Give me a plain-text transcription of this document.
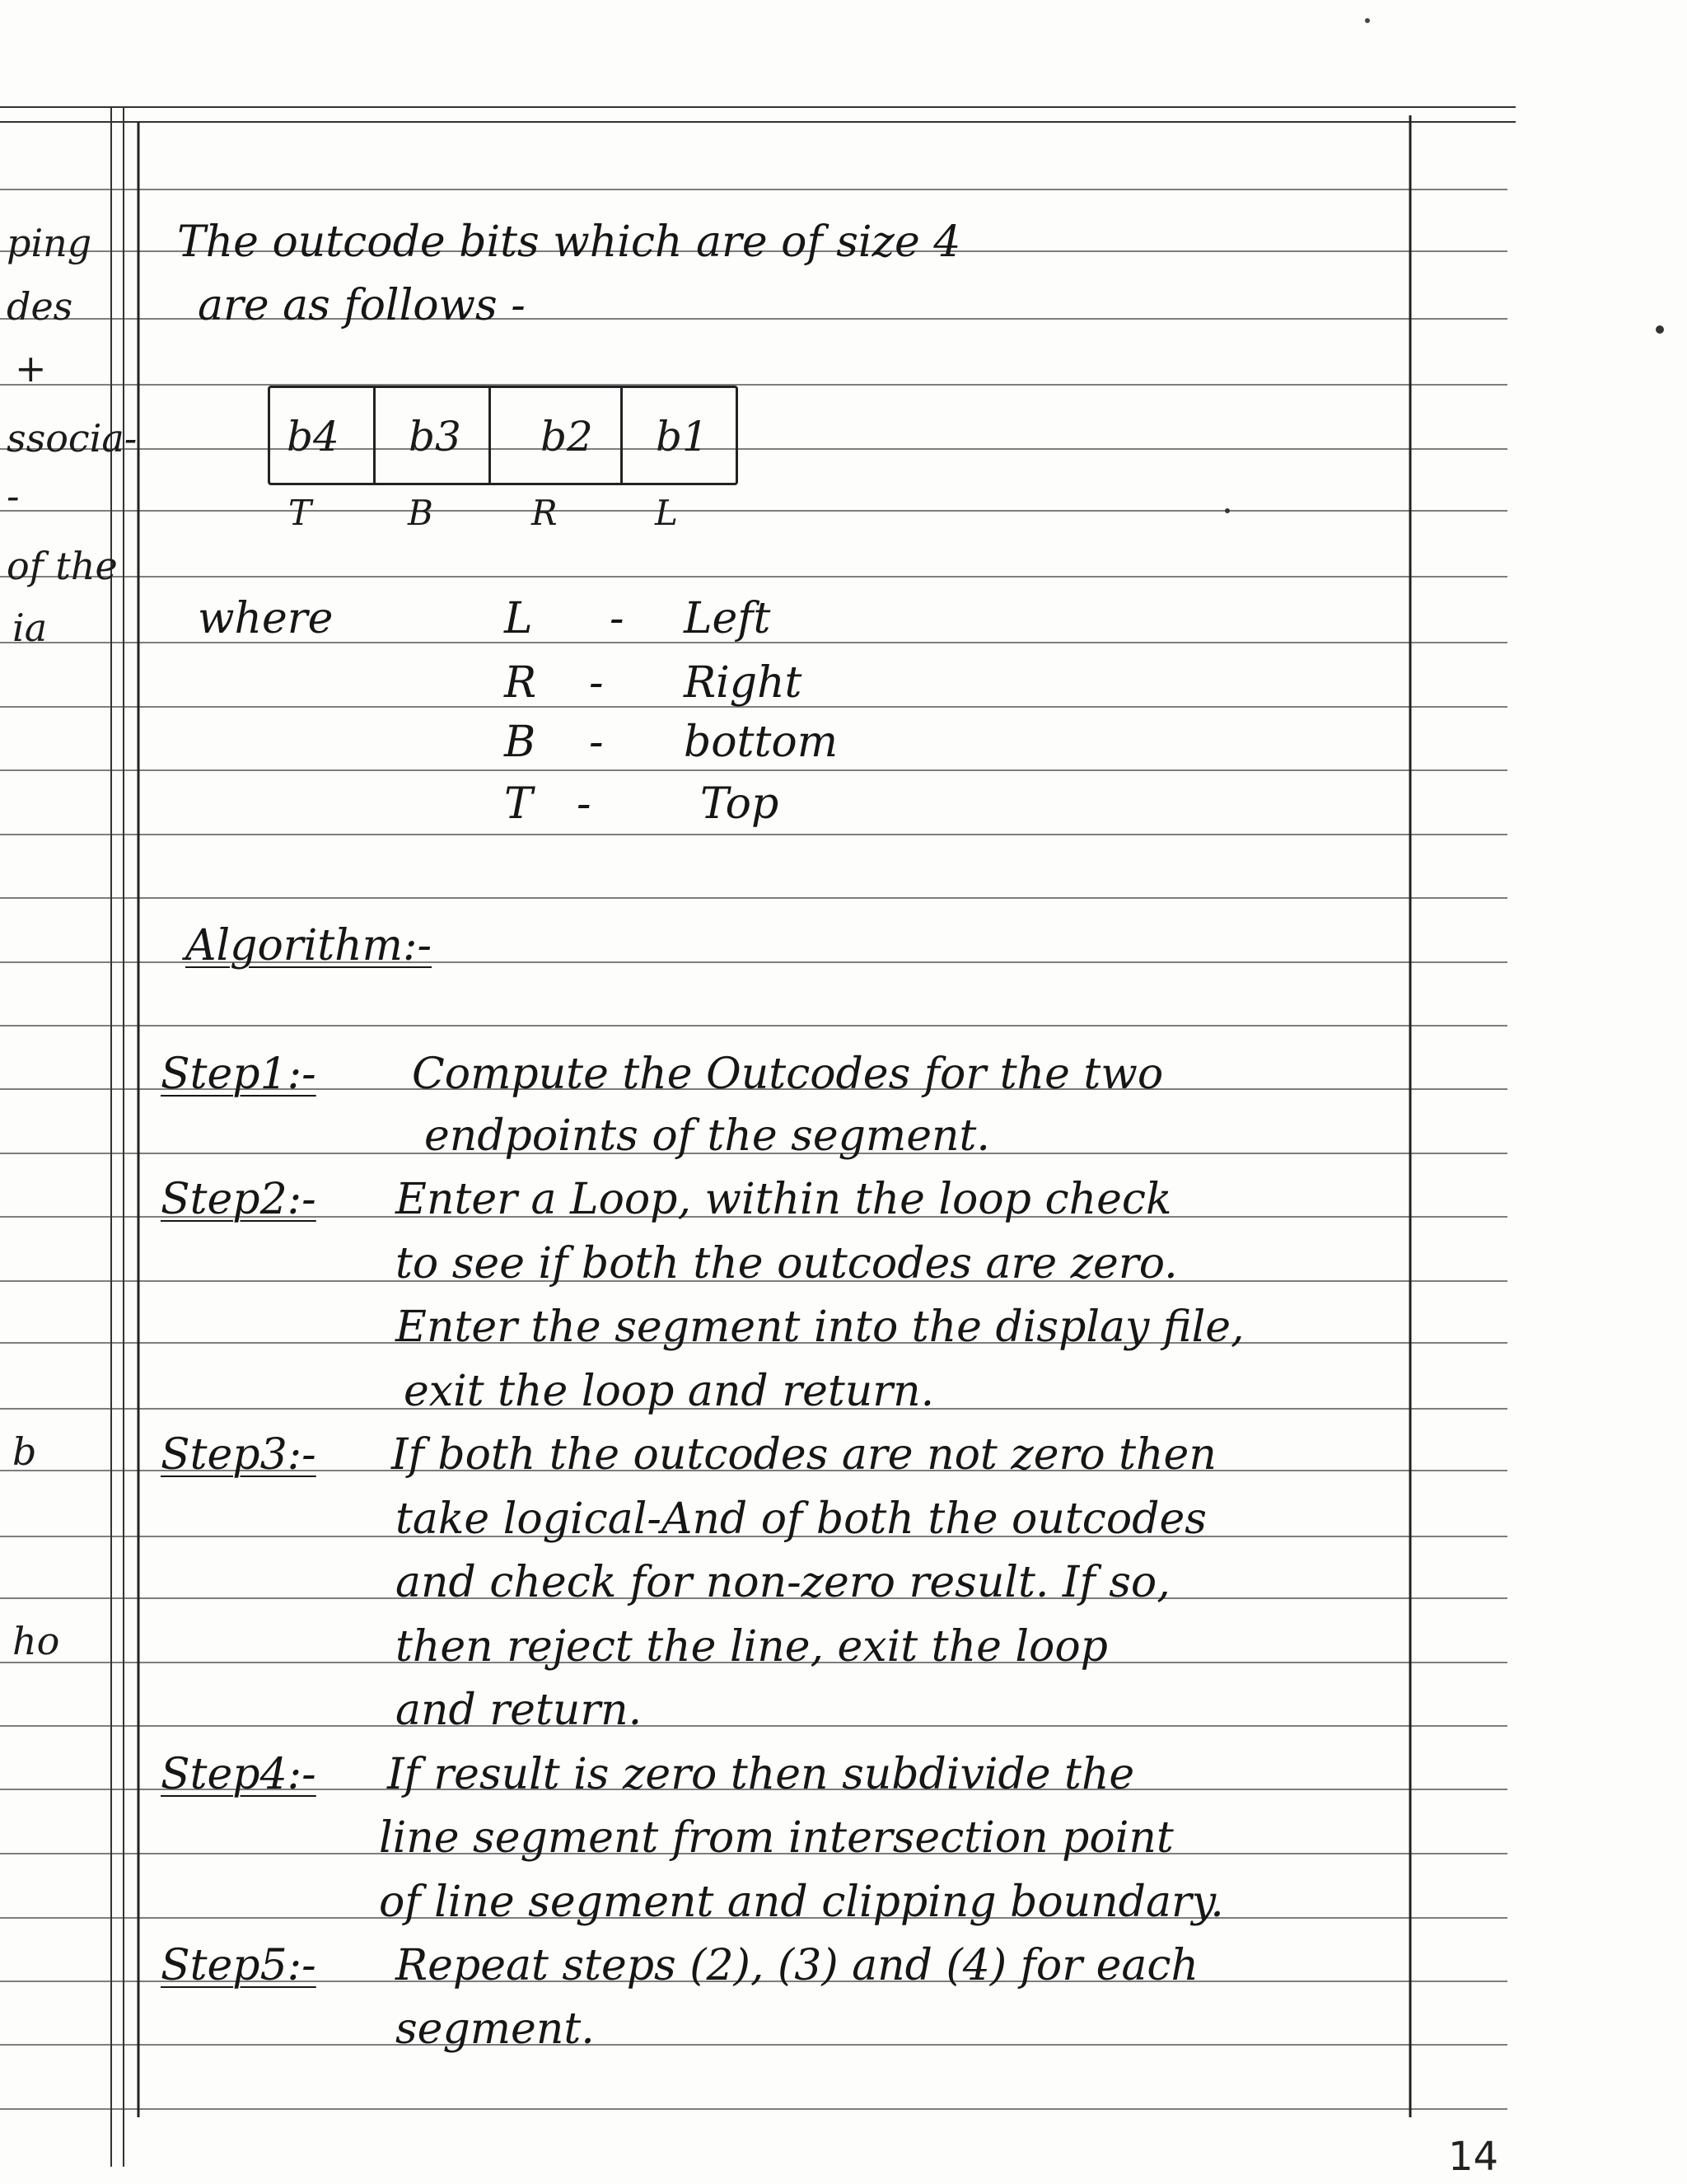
ping
des
+
ssocia-
-
of the
ia
b
ho
The outcode bits which are of size 4
are as follows -
b4 b3 b2 b1
T	B	R	L
where	L - Left
R - Right
B - bottom
T -	Top
Algorithm:-
Step1:- Compute the Outcodes for the two
endpoints of the segment.
Step2:- Enter a Loop, within the loop check
to see if both the outcodes are zero.
Enter the segment into the display file,
exit the loop and return.
Step3:- If both the outcodes are not zero then
take logical-And of both the outcodes
and check for non-zero result. If so,
then reject the line, exit the loop
and return.
Step4:- If result is zero then subdivide the
line segment from intersection point
of line segment and clipping boundary.
Step5:- Repeat steps (2), (3) and (4) for each
segment.
14
